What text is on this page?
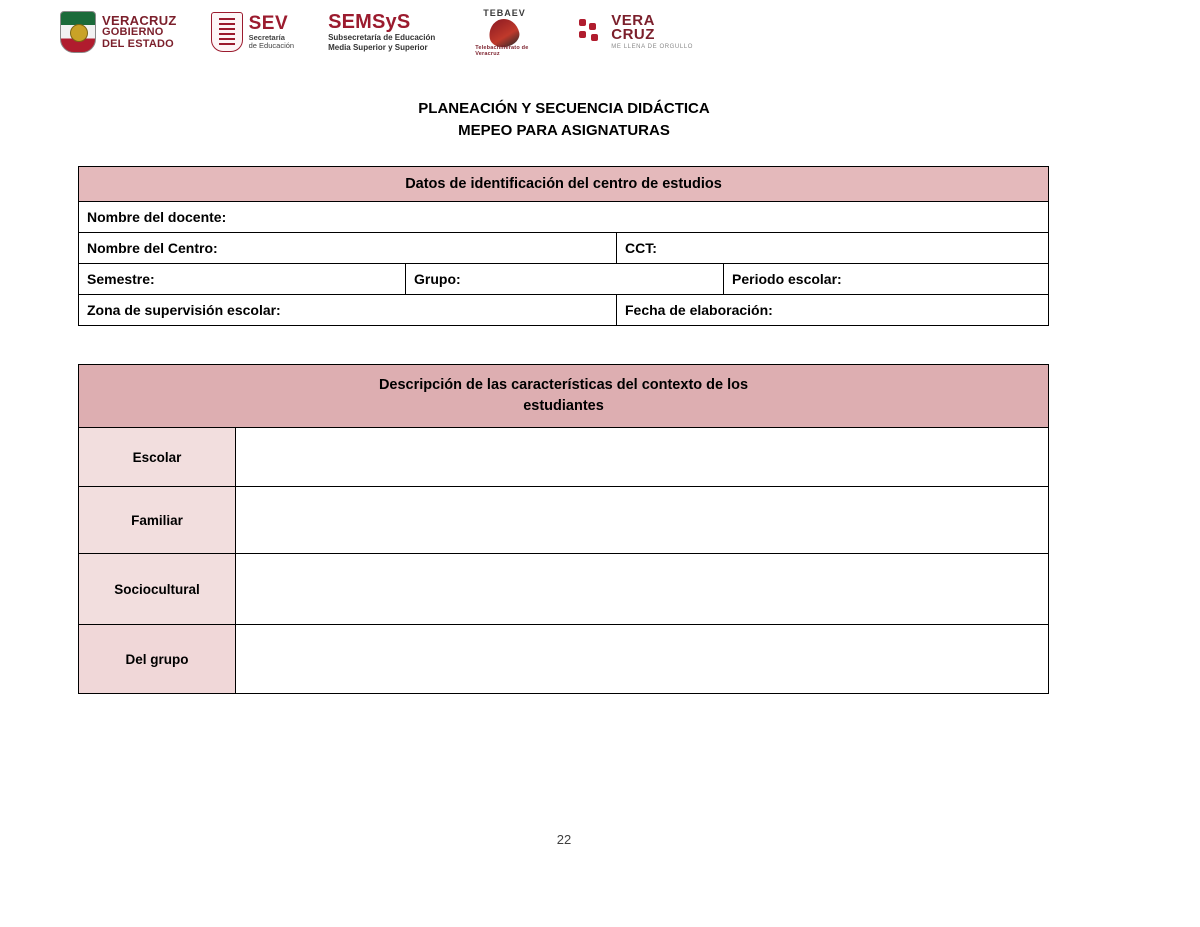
VERACRUZ
GOBIERNO
DEL ESTADO
SEV
Secretaría
de Educación
SEMSyS
Subsecretaría de Educación
Media Superior y Superior
TEBAEV
Telebachillerato de Veracruz
VERA
CRUZ
ME LLENA DE ORGULLO
PLANEACIÓN Y SECUENCIA DIDÁCTICA
MEPEO PARA ASIGNATURAS
Datos de identificación del centro de estudios			
Nombre del docente:			
Nombre del Centro:		CCT:	
Semestre:	Grupo:		Periodo escolar:
Zona de supervisión escolar:		Fecha de elaboración:	
Descripción de las características del contexto de los
estudiantes	

Escolar	
Familiar	
Sociocultural	
Del grupo	
22
